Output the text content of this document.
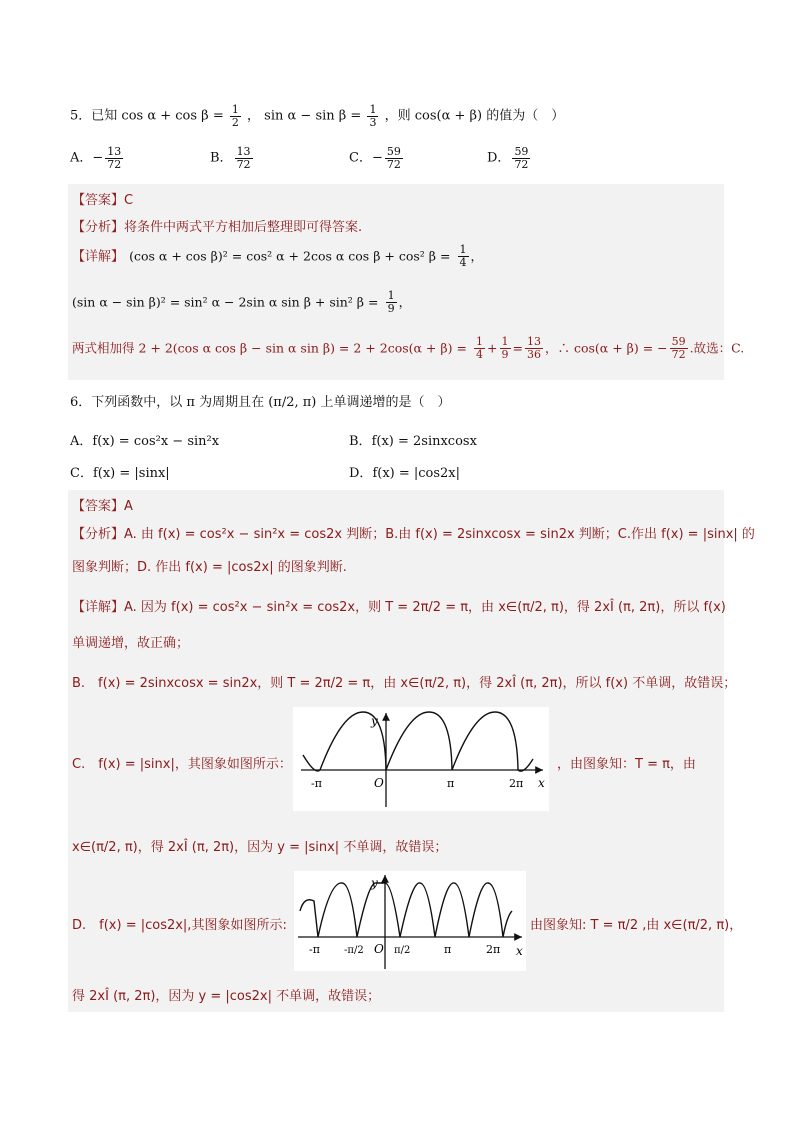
5．已知 $\cos \alpha + \cos \beta = \frac{1}{2}$ ， $\sin \alpha - \sin \beta = \frac{1}{3}$ ，则 cos(α + β) 的值为（　）
A．− $\frac{13}{72}$	B． $\frac{13}{72}$	C．− $\frac{59}{72}$	D． $\frac{59}{72}$
【答案】C
【分析】将条件中两式平方相加后整理即可得答案.
【详解】 (cos α + cos β)² = cos² α + 2cos α cos β + cos² $\beta = \frac{1}{4}$ ，
(sin α − sin β)² = sin² α − 2sin α sin β + sin² $\beta = \frac{1}{9}$ ，
两式相加得 2 + 2(cos α cos β − sin α $\sin \beta) = 2 + 2\cos(\alpha + \beta) = \frac{1}{4} + \frac{1}{9} = \frac{13}{36}$ ，∴ cos(α + β) = − $\frac{59}{72}$ .故选：C.
6．下列函数中，以 π 为周期且在 (π/2, π) 上单调递增的是（　）
A．f(x) = cos²x − sin²x	B．f(x) = 2sinxcosx
C．f(x) = |sinx|	D．f(x) = |cos2x|
【答案】A
【分析】A. 由 f(x) = cos²x − sin²x = cos2x 判断；B.由 f(x) = 2sinxcosx = sin2x 判断；C.作出 f(x) = |sinx| 的
图象判断；D. 作出 f(x) = |cos2x| 的图象判断.
【详解】A. 因为 f(x) = cos²x − sin²x = cos2x，则 T = 2π/2 = π，由 x∈(π/2, π)，得 2xÎ (π, 2π)，所以 f(x)
单调递增，故正确；
B.　f(x) = 2sinxcosx = sin2x，则 T = 2π/2 = π，由 x∈(π/2, π)，得 2xÎ (π, 2π)，所以 f(x) 不单调，故错误；
C.　f(x) = |sinx|，其图象如图所示：
y
x
O
-π	π	2π
，由图象知：T = π，由
x∈(π/2, π)，得 2xÎ (π, 2π)，因为 y = |sinx| 不单调，故错误；
D.　f(x) = |cos2x|,其图象如图所示:
y
x
O
-π -π/2	π/2	π	2π
由图象知: T = π/2 ,由 x∈(π/2, π)，
得 2xÎ (π, 2π)，因为 y = |cos2x| 不单调，故错误；
